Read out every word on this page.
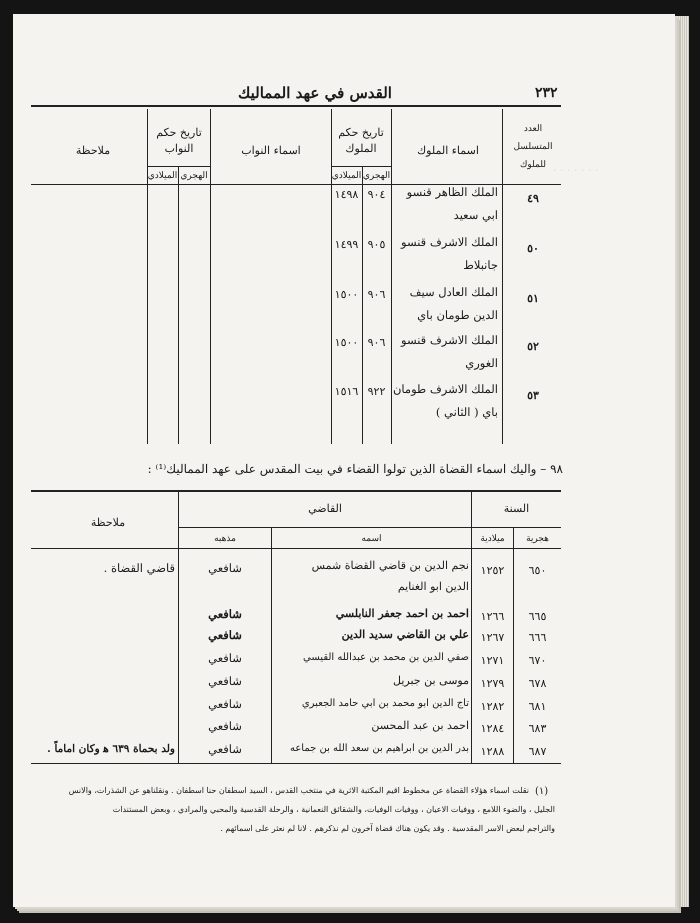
· · · · · · ·
القدس في عهد المماليك	٢٣٢
العدد
المتسلسل
للملوك
اسماء الملوك
تاريخ حكم
الملوك
الهجري
الميلادي
اسماء النواب
تاريخ حكم
النواب
الهجري
الميلادي
ملاحظة
٤٩
الملك الظاهر قنسو
ابي سعيد
٩٠٤
١٤٩٨
٥٠
الملك الاشرف قنسو
جانبلاط
٩٠٥
١٤٩٩
٥١
الملك العادل سيف
الدين طومان باي
٩٠٦
١٥٠٠
٥٢
الملك الاشرف قنسو
الغوري
٩٠٦
١٥٠٠
٥٣
الملك الاشرف طومان
باي ( الثاني )
٩٢٢
١٥١٦
٩٨ – واليك اسماء القضاة الذين تولوا القضاء في بيت المقدس على عهد المماليك⁽¹⁾ :
السنة
هجرية
ميلادية
القاضي
اسمه
مذهبه
ملاحظة
٦٥٠
١٢٥٢
نجم الدين بن قاضي القضاة شمس
الدين ابو الغنايم
شافعي
قاضي القضاة .
٦٦٥
١٢٦٦
احمد بن احمد جعفر النابلسي
شافعي
٦٦٦
١٢٦٧
علي بن القاضي سديد الدين
شافعي
٦٧٠
١٢٧١
صفي الدين بن محمد بن عبدالله القيسي
شافعي
٦٧٨
١٢٧٩
موسى بن جبريل
شافعي
٦٨١
١٢٨٢
تاج الدين ابو محمد بن ابي حامد الجعبري
شافعي
٦٨٣
١٢٨٤
احمد بن عبد المحسن
شافعي
٦٨٧
١٢٨٨
بدر الدين بن ابراهيم بن سعد الله بن جماعه
شافعي
ولد بحماة ٦٣٩ ﻫ وكان اماماً .
(١)
نقلت اسماء هؤلاء القضاة عن مخطوط اقيم المكتبة الاثرية في منتخب القدس ، السيد اسطفان حنا اسطفان . ونقلناهو عن الشذرات، والانس
الجليل ، والضوء اللامع ، ووفيات الاعيان ، ووفيات الوفيات، والشقائق النعمانية ، والرحلة القدسية والمحبي والمرادي ، وبعض المستندات
والتراجم لبعض الاسر المقدسية . وقد يكون هناك قضاة آخرون لم نذكرهم . لانا لم نعثر على اسمائهم .
